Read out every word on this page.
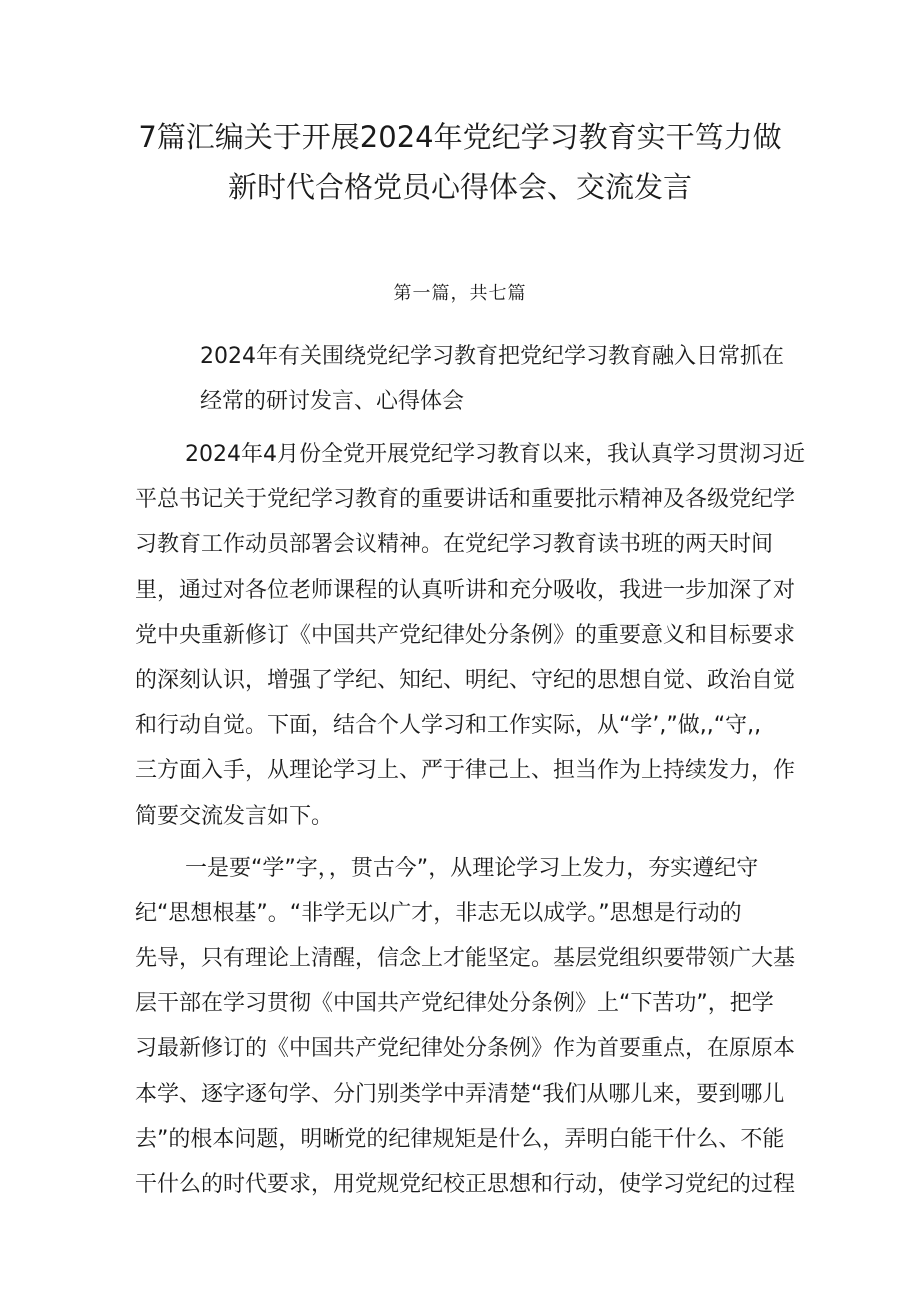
7篇汇编关于开展2024年党纪学习教育实干笃力做
新时代合格党员心得体会、交流发言
第一篇，共七篇
2024年有关围绕党纪学习教育把党纪学习教育融入日常抓在
经常的研讨发言、心得体会

2024年4月份全党开展党纪学习教育以来，我认真学习贯沏习近
平总书记关于党纪学习教育的重要讲话和重要批示精神及各级党纪学
习教育工作动员部署会议精神。在党纪学习教育读书班的两天时间
里，通过对各位老师课程的认真听讲和充分吸收，我进一步加深了对
党中央重新修订《中国共产党纪律处分条例》的重要意义和目标要求
的深刻认识，增强了学纪、知纪、明纪、守纪的思想自觉、政治自觉
和行动自觉。下面，结合个人学习和工作实际，从“学’,”做,,“守,,
三方面入手，从理论学习上、严于律己上、担当作为上持续发力，作
简要交流发言如下。

一是要“学”字，，贯古今”，从理论学习上发力，夯实遵纪守
纪“思想根基”。“非学无以广才，非志无以成学。”思想是行动的
先导，只有理论上清醒，信念上才能坚定。基层党组织要带领广大基
层干部在学习贯彻《中国共产党纪律处分条例》上“下苦功”，把学
习最新修订的《中国共产党纪律处分条例》作为首要重点，在原原本
本学、逐字逐句学、分门别类学中弄清楚“我们从哪儿来，要到哪儿
去”的根本问题，明晰党的纪律规矩是什么，弄明白能干什么、不能
干什么的时代要求，用党规党纪校正思想和行动，使学习党纪的过程
